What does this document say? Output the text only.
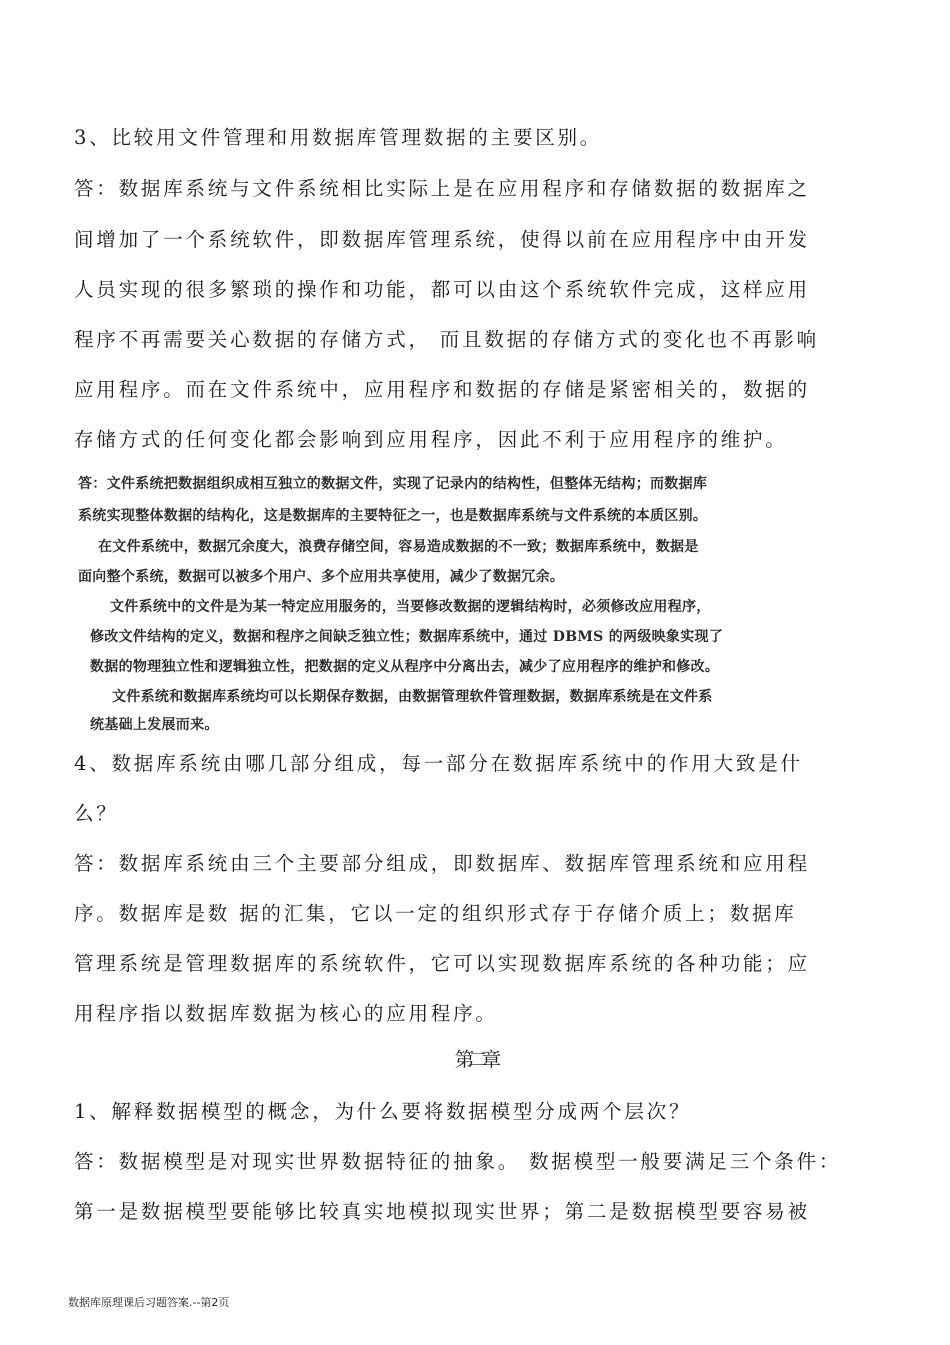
3、比较用文件管理和用数据库管理数据的主要区别。
答：数据库系统与文件系统相比实际上是在应用程序和存储数据的数据库之
间增加了一个系统软件，即数据库管理系统，使得以前在应用程序中由开发
人员实现的很多繁琐的操作和功能，都可以由这个系统软件完成，这样应用
程序不再需要关心数据的存储方式， 而且数据的存储方式的变化也不再影响
应用程序。而在文件系统中，应用程序和数据的存储是紧密相关的，数据的
存储方式的任何变化都会影响到应用程序，因此不利于应用程序的维护。
答：文件系统把数据组织成相互独立的数据文件，实现了记录内的结构性，但整体无结构；而数据库
系统实现整体数据的结构化，这是数据库的主要特征之一，也是数据库系统与文件系统的本质区别。
在文件系统中，数据冗余度大，浪费存储空间，容易造成数据的不一致；数据库系统中，数据是
面向整个系统，数据可以被多个用户、多个应用共享使用，减少了数据冗余。
文件系统中的文件是为某一特定应用服务的，当要修改数据的逻辑结构时，必须修改应用程序，
修改文件结构的定义，数据和程序之间缺乏独立性；数据库系统中，通过 DBMS 的两级映象实现了
数据的物理独立性和逻辑独立性，把数据的定义从程序中分离出去，减少了应用程序的维护和修改。
文件系统和数据库系统均可以长期保存数据，由数据管理软件管理数据，数据库系统是在文件系
统基础上发展而来。
4、数据库系统由哪几部分组成，每一部分在数据库系统中的作用大致是什
么？
答：数据库系统由三个主要部分组成，即数据库、数据库管理系统和应用程
序。数据库是数 据的汇集，它以一定的组织形式存于存储介质上；数据库
管理系统是管理数据库的系统软件，它可以实现数据库系统的各种功能；应
用程序指以数据库数据为核心的应用程序。
第二章
1、解释数据模型的概念，为什么要将数据模型分成两个层次？
答：数据模型是对现实世界数据特征的抽象。 数据模型一般要满足三个条件：
第一是数据模型要能够比较真实地模拟现实世界；第二是数据模型要容易被
数据库原理课后习题答案.--第2页
